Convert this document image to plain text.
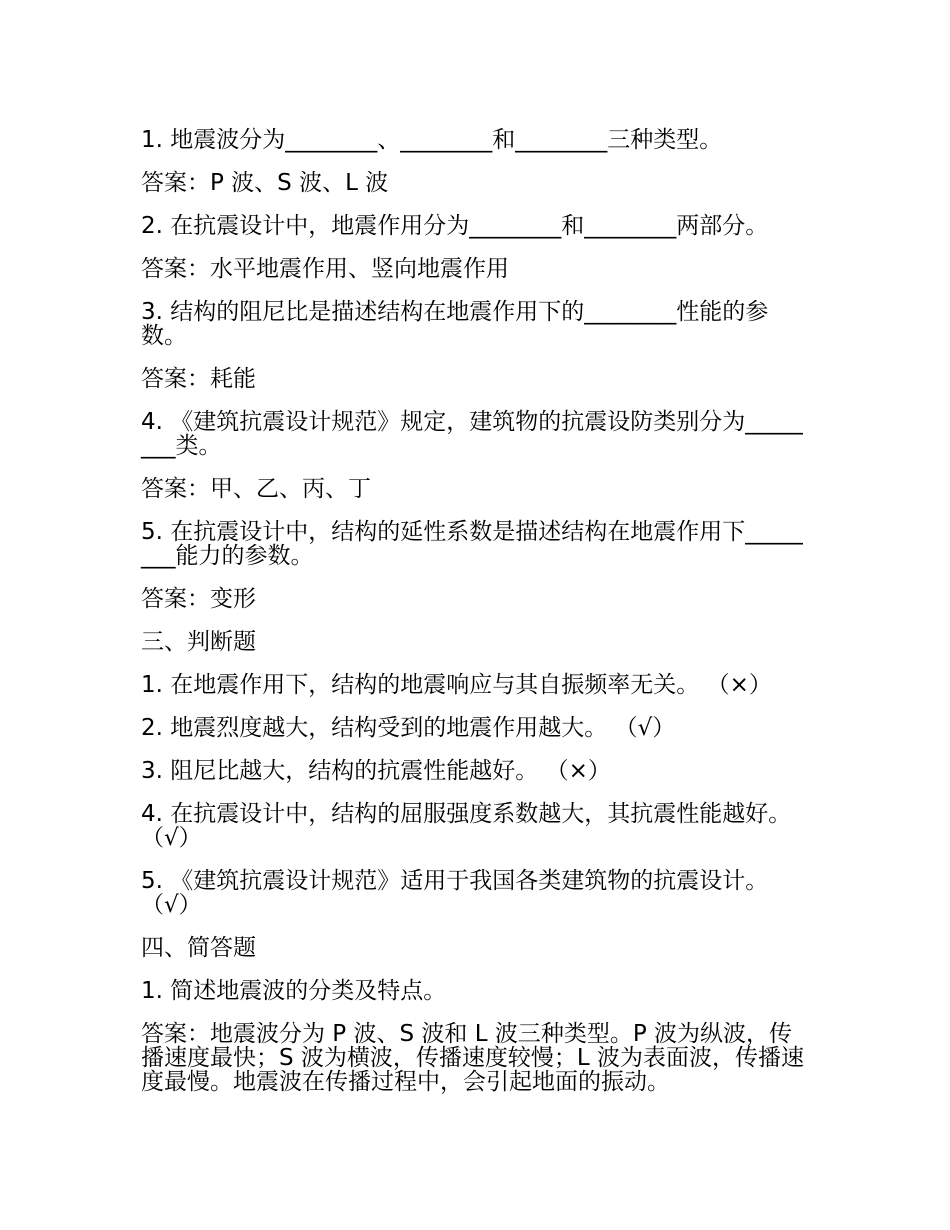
1. 地震波分为________、________和________三种类型。

答案：P 波、S 波、L 波

2. 在抗震设计中，地震作用分为________和________两部分。

答案：水平地震作用、竖向地震作用

3. 结构的阻尼比是描述结构在地震作用下的________性能的参数。

答案：耗能

4. 《建筑抗震设计规范》规定，建筑物的抗震设防类别分为________类。

答案：甲、乙、丙、丁

5. 在抗震设计中，结构的延性系数是描述结构在地震作用下________能力的参数。

答案：变形

三、判断题

1. 在地震作用下，结构的地震响应与其自振频率无关。 （×）

2. 地震烈度越大，结构受到的地震作用越大。 （√）

3. 阻尼比越大，结构的抗震性能越好。 （×）

4. 在抗震设计中，结构的屈服强度系数越大，其抗震性能越好。 （√）

5. 《建筑抗震设计规范》适用于我国各类建筑物的抗震设计。 （√）

四、简答题

1. 简述地震波的分类及特点。

答案：地震波分为 P 波、S 波和 L 波三种类型。P 波为纵波，传播速度最快；S 波为横波，传播速度较慢；L 波为表面波，传播速度最慢。地震波在传播过程中，会引起地面的振动。
